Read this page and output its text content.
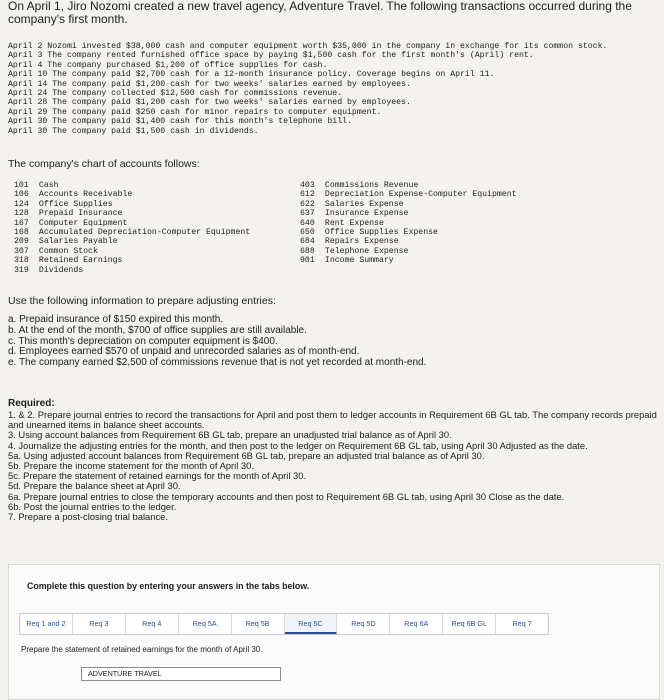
On April 1, Jiro Nozomi created a new travel agency, Adventure Travel. The following transactions occurred during the company's first month.
April 2 Nozomi invested $38,000 cash and computer equipment worth $35,000 in the company in exchange for its common stock.
April 3 The company rented furnished office space by paying $1,500 cash for the first month's (April) rent.
April 4 The company purchased $1,200 of office supplies for cash.
April 10 The company paid $2,700 cash for a 12-month insurance policy. Coverage begins on April 11.
April 14 The company paid $1,200 cash for two weeks' salaries earned by employees.
April 24 The company collected $12,500 cash for commissions revenue.
April 28 The company paid $1,200 cash for two weeks' salaries earned by employees.
April 29 The company paid $250 cash for minor repairs to computer equipment.
April 30 The company paid $1,400 cash for this month's telephone bill.
April 30 The company paid $1,500 cash in dividends.
The company's chart of accounts follows:
101 Cash
106 Accounts Receivable
124 Office Supplies
128 Prepaid Insurance
167 Computer Equipment
168 Accumulated Depreciation-Computer Equipment
209 Salaries Payable
307 Common Stock
318 Retained Earnings
319 Dividends
403 Commissions Revenue
612 Depreciation Expense-Computer Equipment
622 Salaries Expense
637 Insurance Expense
640 Rent Expense
650 Office Supplies Expense
684 Repairs Expense
688 Telephone Expense
901 Income Summary
Use the following information to prepare adjusting entries:
a. Prepaid insurance of $150 expired this month.
b. At the end of the month, $700 of office supplies are still available.
c. This month's depreciation on computer equipment is $400.
d. Employees earned $570 of unpaid and unrecorded salaries as of month-end.
e. The company earned $2,500 of commissions revenue that is not yet recorded at month-end.
Required:
1. & 2. Prepare journal entries to record the transactions for April and post them to ledger accounts in Requirement 6B GL tab. The company records prepaid and unearned items in balance sheet accounts.
3. Using account balances from Requirement 6B GL tab, prepare an unadjusted trial balance as of April 30.
4. Journalize the adjusting entries for the month, and then post to the ledger on Requirement 6B GL tab, using April 30 Adjusted as the date.
5a. Using adjusted account balances from Requirement 6B GL tab, prepare an adjusted trial balance as of April 30.
5b. Prepare the income statement for the month of April 30.
5c. Prepare the statement of retained earnings for the month of April 30.
5d. Prepare the balance sheet at April 30.
6a. Prepare journal entries to close the temporary accounts and then post to Requirement 6B GL tab, using April 30 Close as the date.
6b. Post the journal entries to the ledger.
7. Prepare a post-closing trial balance.
Complete this question by entering your answers in the tabs below.
Req 1 and 2	Req 3	Req 4	Req 5A	Req 5B	Req 5C	Req 5D	Req 6A	Req 6B GL	Req 7
Prepare the statement of retained earnings for the month of April 30.
ADVENTURE TRAVEL
